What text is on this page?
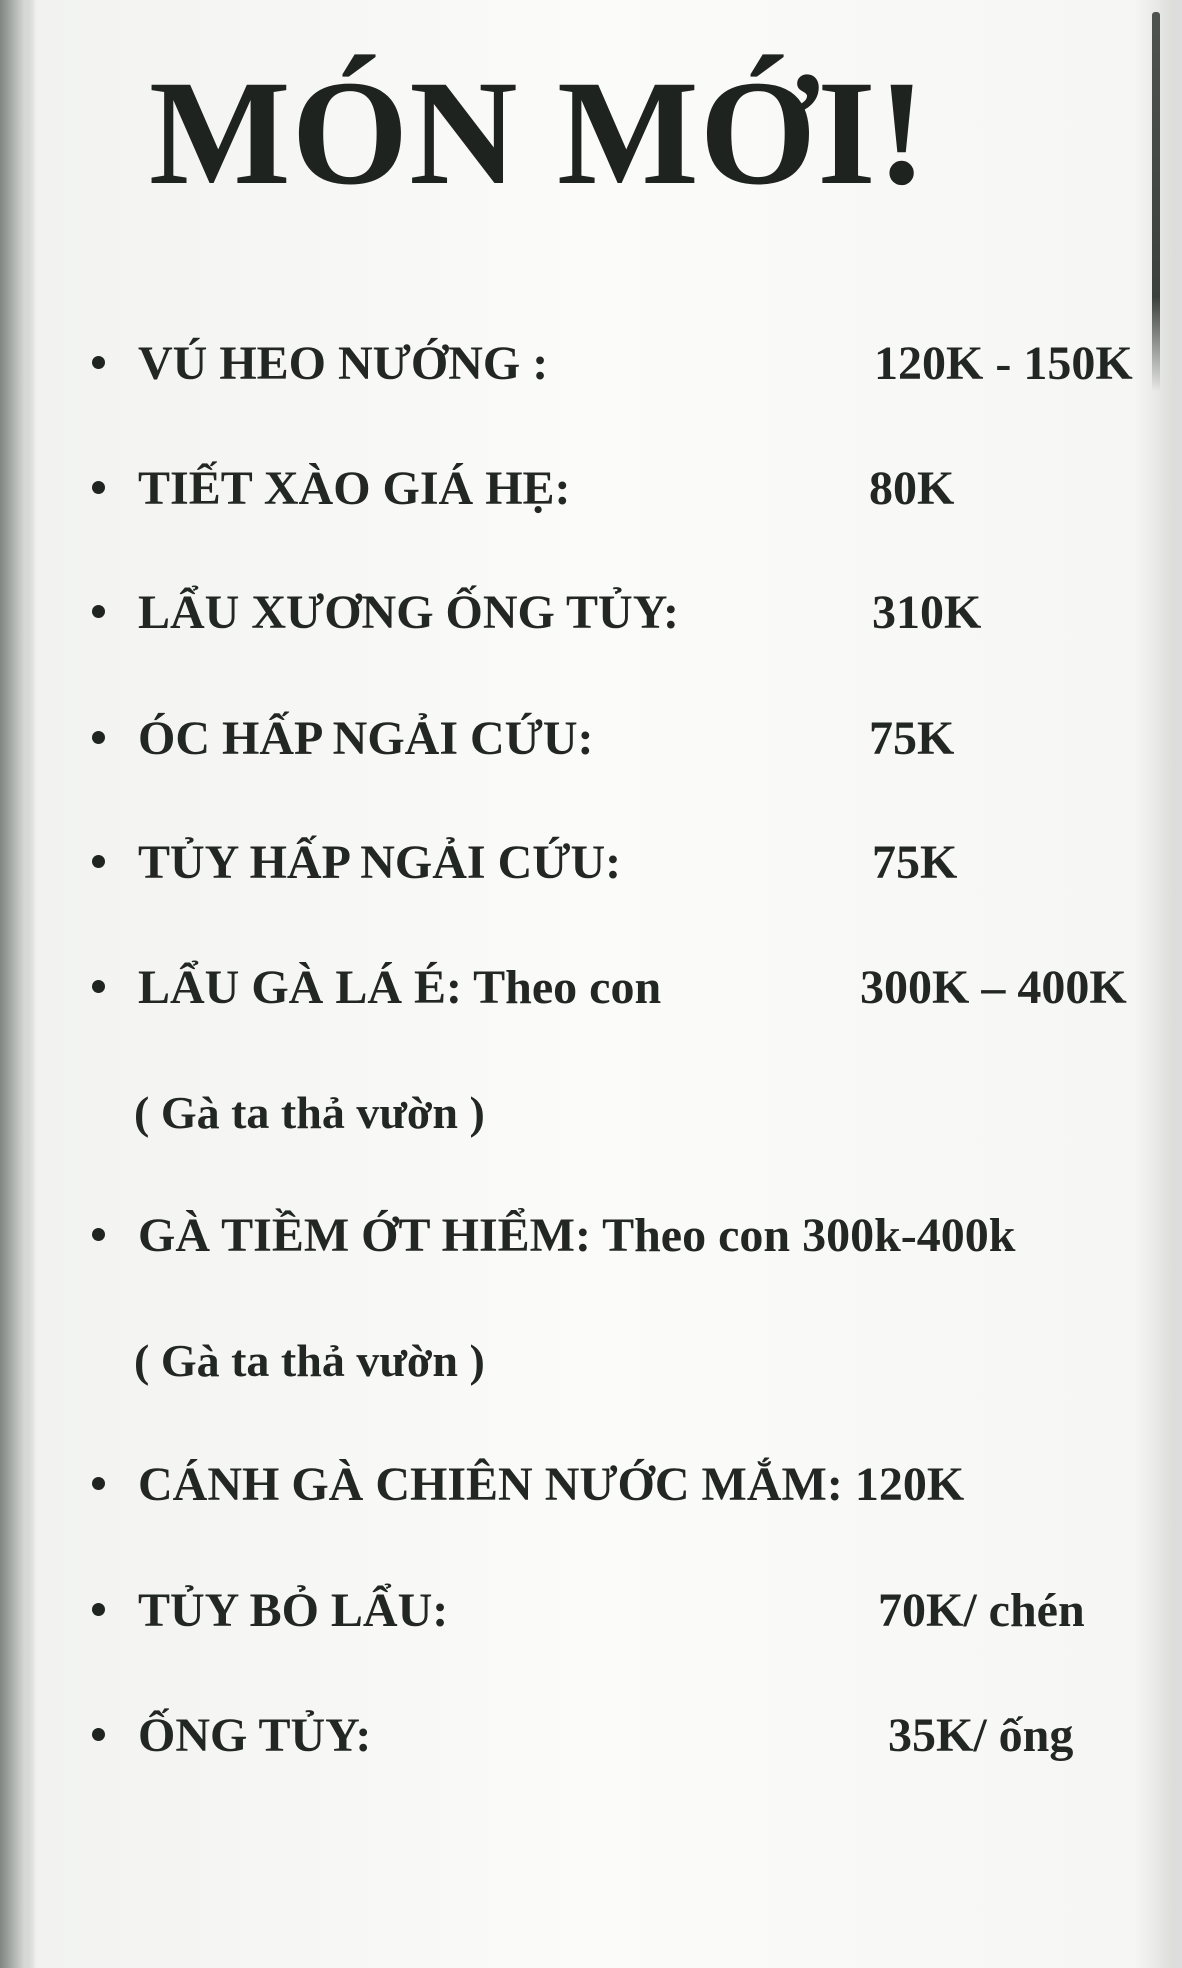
MÓN MỚI!
VÚ HEO NƯỚNG :	120K - 150K
TIẾT XÀO GIÁ HẸ:	80K
LẨU XƯƠNG ỐNG TỦY:	310K
ÓC HẤP NGẢI CỨU:	75K
TỦY HẤP NGẢI CỨU:	75K
LẨU GÀ LÁ É: Theo con	300K – 400K
( Gà ta thả vườn )
GÀ TIỀM ỚT HIỂM: Theo con 300k-400k
( Gà ta thả vườn )
CÁNH GÀ CHIÊN NƯỚC MẮM: 120K
TỦY BỎ LẨU:	70K/ chén
ỐNG TỦY:	35K/ ống
